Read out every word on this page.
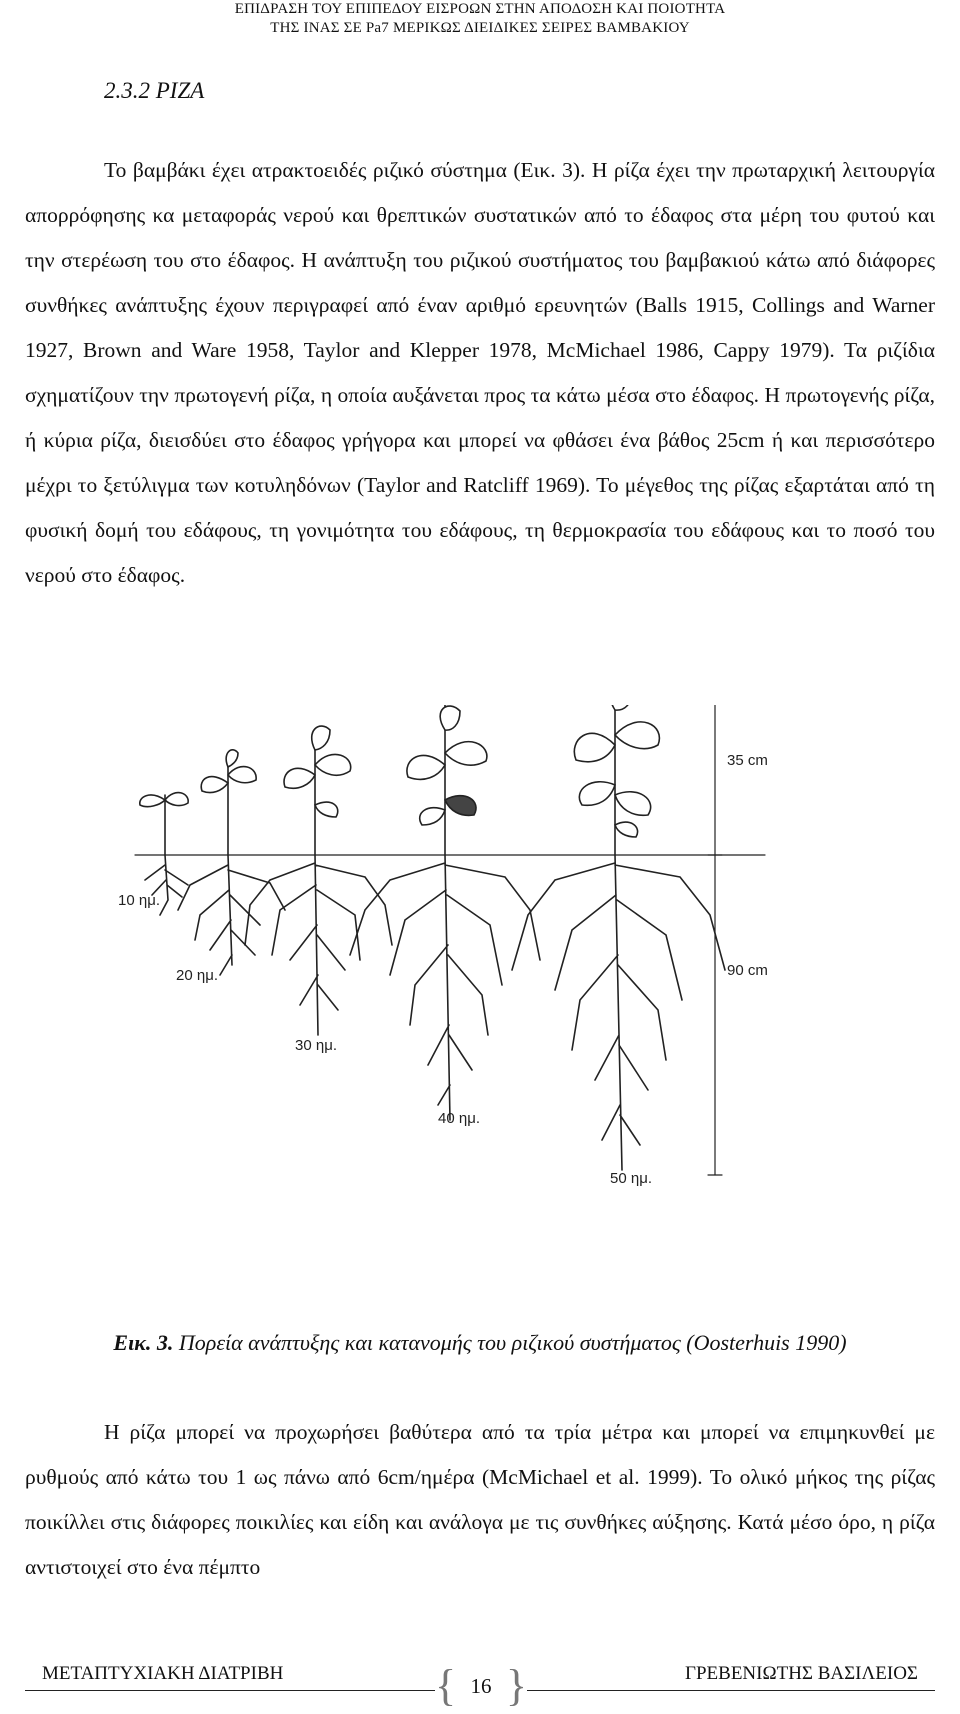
ΕΠΙΔΡΑΣΗ ΤΟΥ ΕΠΙΠΕΔΟΥ ΕΙΣΡΟΩΝ ΣΤΗΝ ΑΠΟΔΟΣΗ ΚΑΙ ΠΟΙΟΤΗΤΑ
ΤΗΣ ΙΝΑΣ ΣΕ Pa7 ΜΕΡΙΚΩΣ ΔΙΕΙΔΙΚΕΣ ΣΕΙΡΕΣ ΒΑΜΒΑΚΙΟΥ
2.3.2 ΡΙΖΑ

Το βαμβάκι έχει ατρακτοειδές ριζικό σύστημα (Εικ. 3). Η ρίζα έχει την πρωταρχική λειτουργία απορρόφησης κα μεταφοράς νερού και θρεπτικών συστατικών από το έδαφος στα μέρη του φυτού και την στερέωση του στο έδαφος. Η ανάπτυξη του ριζικού συστήματος του βαμβακιού κάτω από διάφορες συνθήκες ανάπτυξης έχουν περιγραφεί από έναν αριθμό ερευνητών (Balls 1915, Collings and Warner 1927, Brown and Ware 1958, Taylor and Klepper 1978, McMichael 1986, Cappy 1979). Τα ριζίδια σχηματίζουν την πρωτογενή ρίζα, η οποία αυξάνεται προς τα κάτω μέσα στο έδαφος. Η πρωτογενής ρίζα, ή κύρια ρίζα, διεισδύει στο έδαφος γρήγορα και μπορεί να φθάσει ένα βάθος 25cm ή και περισσότερο μέχρι το ξετύλιγμα των κοτυληδόνων (Taylor and Ratcliff 1969). Το μέγεθος της ρίζας εξαρτάται από τη φυσική δομή του εδάφους, τη γονιμότητα του εδάφους, τη θερμοκρασία του εδάφους και το ποσό του νερού στο έδαφος.

10 ημ.
20 ημ.
30 ημ.
40 ημ.
50 ημ.
35 cm
90 cm
Εικ. 3. Πορεία ανάπτυξης και κατανομής του ριζικού συστήματος (Oosterhuis 1990)

Η ρίζα μπορεί να προχωρήσει βαθύτερα από τα τρία μέτρα και μπορεί να επιμηκυνθεί με ρυθμούς από κάτω του 1 ως πάνω από 6cm/ημέρα (McMichael et al. 1999). Το ολικό μήκος της ρίζας ποικίλλει στις διάφορες ποικιλίες και είδη και ανάλογα με τις συνθήκες αύξησης. Κατά μέσο όρο, η ρίζα αντιστοιχεί στο ένα πέμπτο

ΜΕΤΑΠΤΥΧΙΑΚΗ ΔΙΑΤΡΙΒΗ	{ 16 }	ΓΡΕΒΕΝΙΩΤΗΣ ΒΑΣΙΛΕΙΟΣ
